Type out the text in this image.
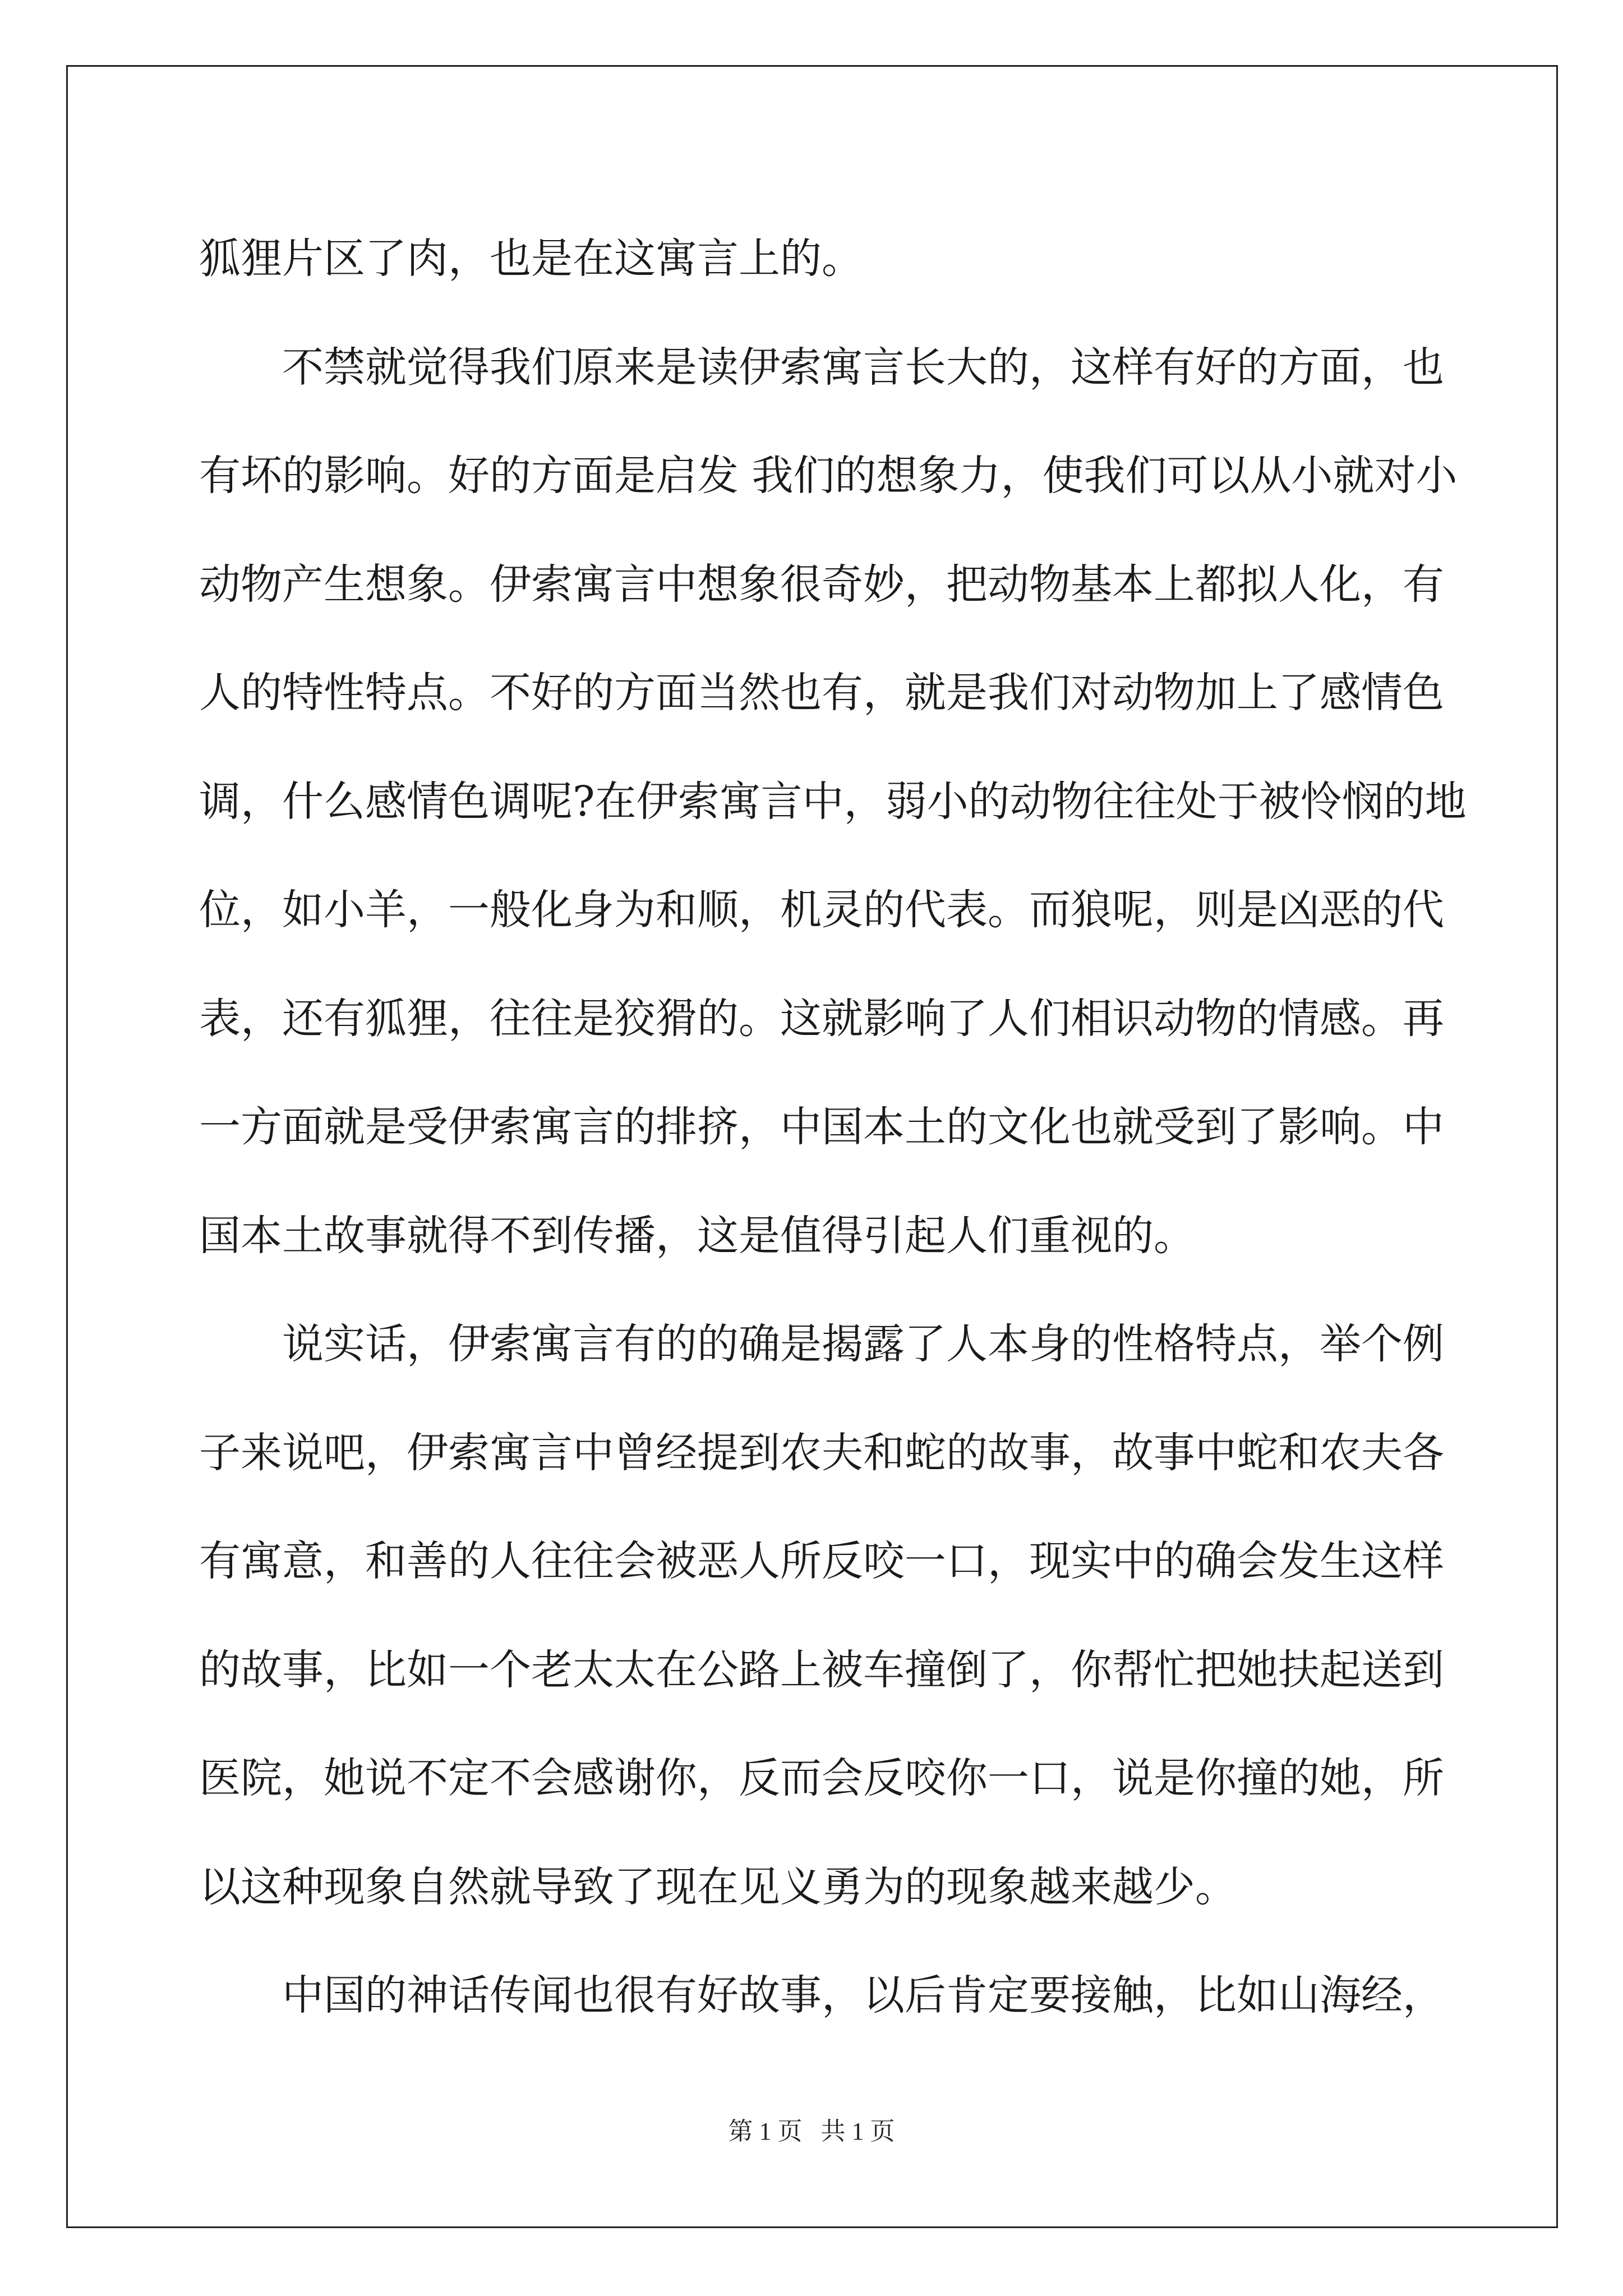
狐狸片区了肉，也是在这寓言上的。
不禁就觉得我们原来是读伊索寓言长大的，这样有好的方面，也
有坏的影响。好的方面是启发 我们的想象力，使我们可以从小就对小
动物产生想象。伊索寓言中想象很奇妙，把动物基本上都拟人化，有
人的特性特点。不好的方面当然也有，就是我们对动物加上了感情色
调，什么感情色调呢?在伊索寓言中，弱小的动物往往处于被怜悯的地
位，如小羊，一般化身为和顺，机灵的代表。而狼呢，则是凶恶的代
表，还有狐狸，往往是狡猾的。这就影响了人们相识动物的情感。再
一方面就是受伊索寓言的排挤，中国本土的文化也就受到了影响。中
国本土故事就得不到传播，这是值得引起人们重视的。
说实话，伊索寓言有的的确是揭露了人本身的性格特点，举个例
子来说吧，伊索寓言中曾经提到农夫和蛇的故事，故事中蛇和农夫各
有寓意，和善的人往往会被恶人所反咬一口，现实中的确会发生这样
的故事，比如一个老太太在公路上被车撞倒了，你帮忙把她扶起送到
医院，她说不定不会感谢你，反而会反咬你一口，说是你撞的她，所
以这种现象自然就导致了现在见义勇为的现象越来越少。
中国的神话传闻也很有好故事，以后肯定要接触，比如山海经，
第 1 页 共 1 页
